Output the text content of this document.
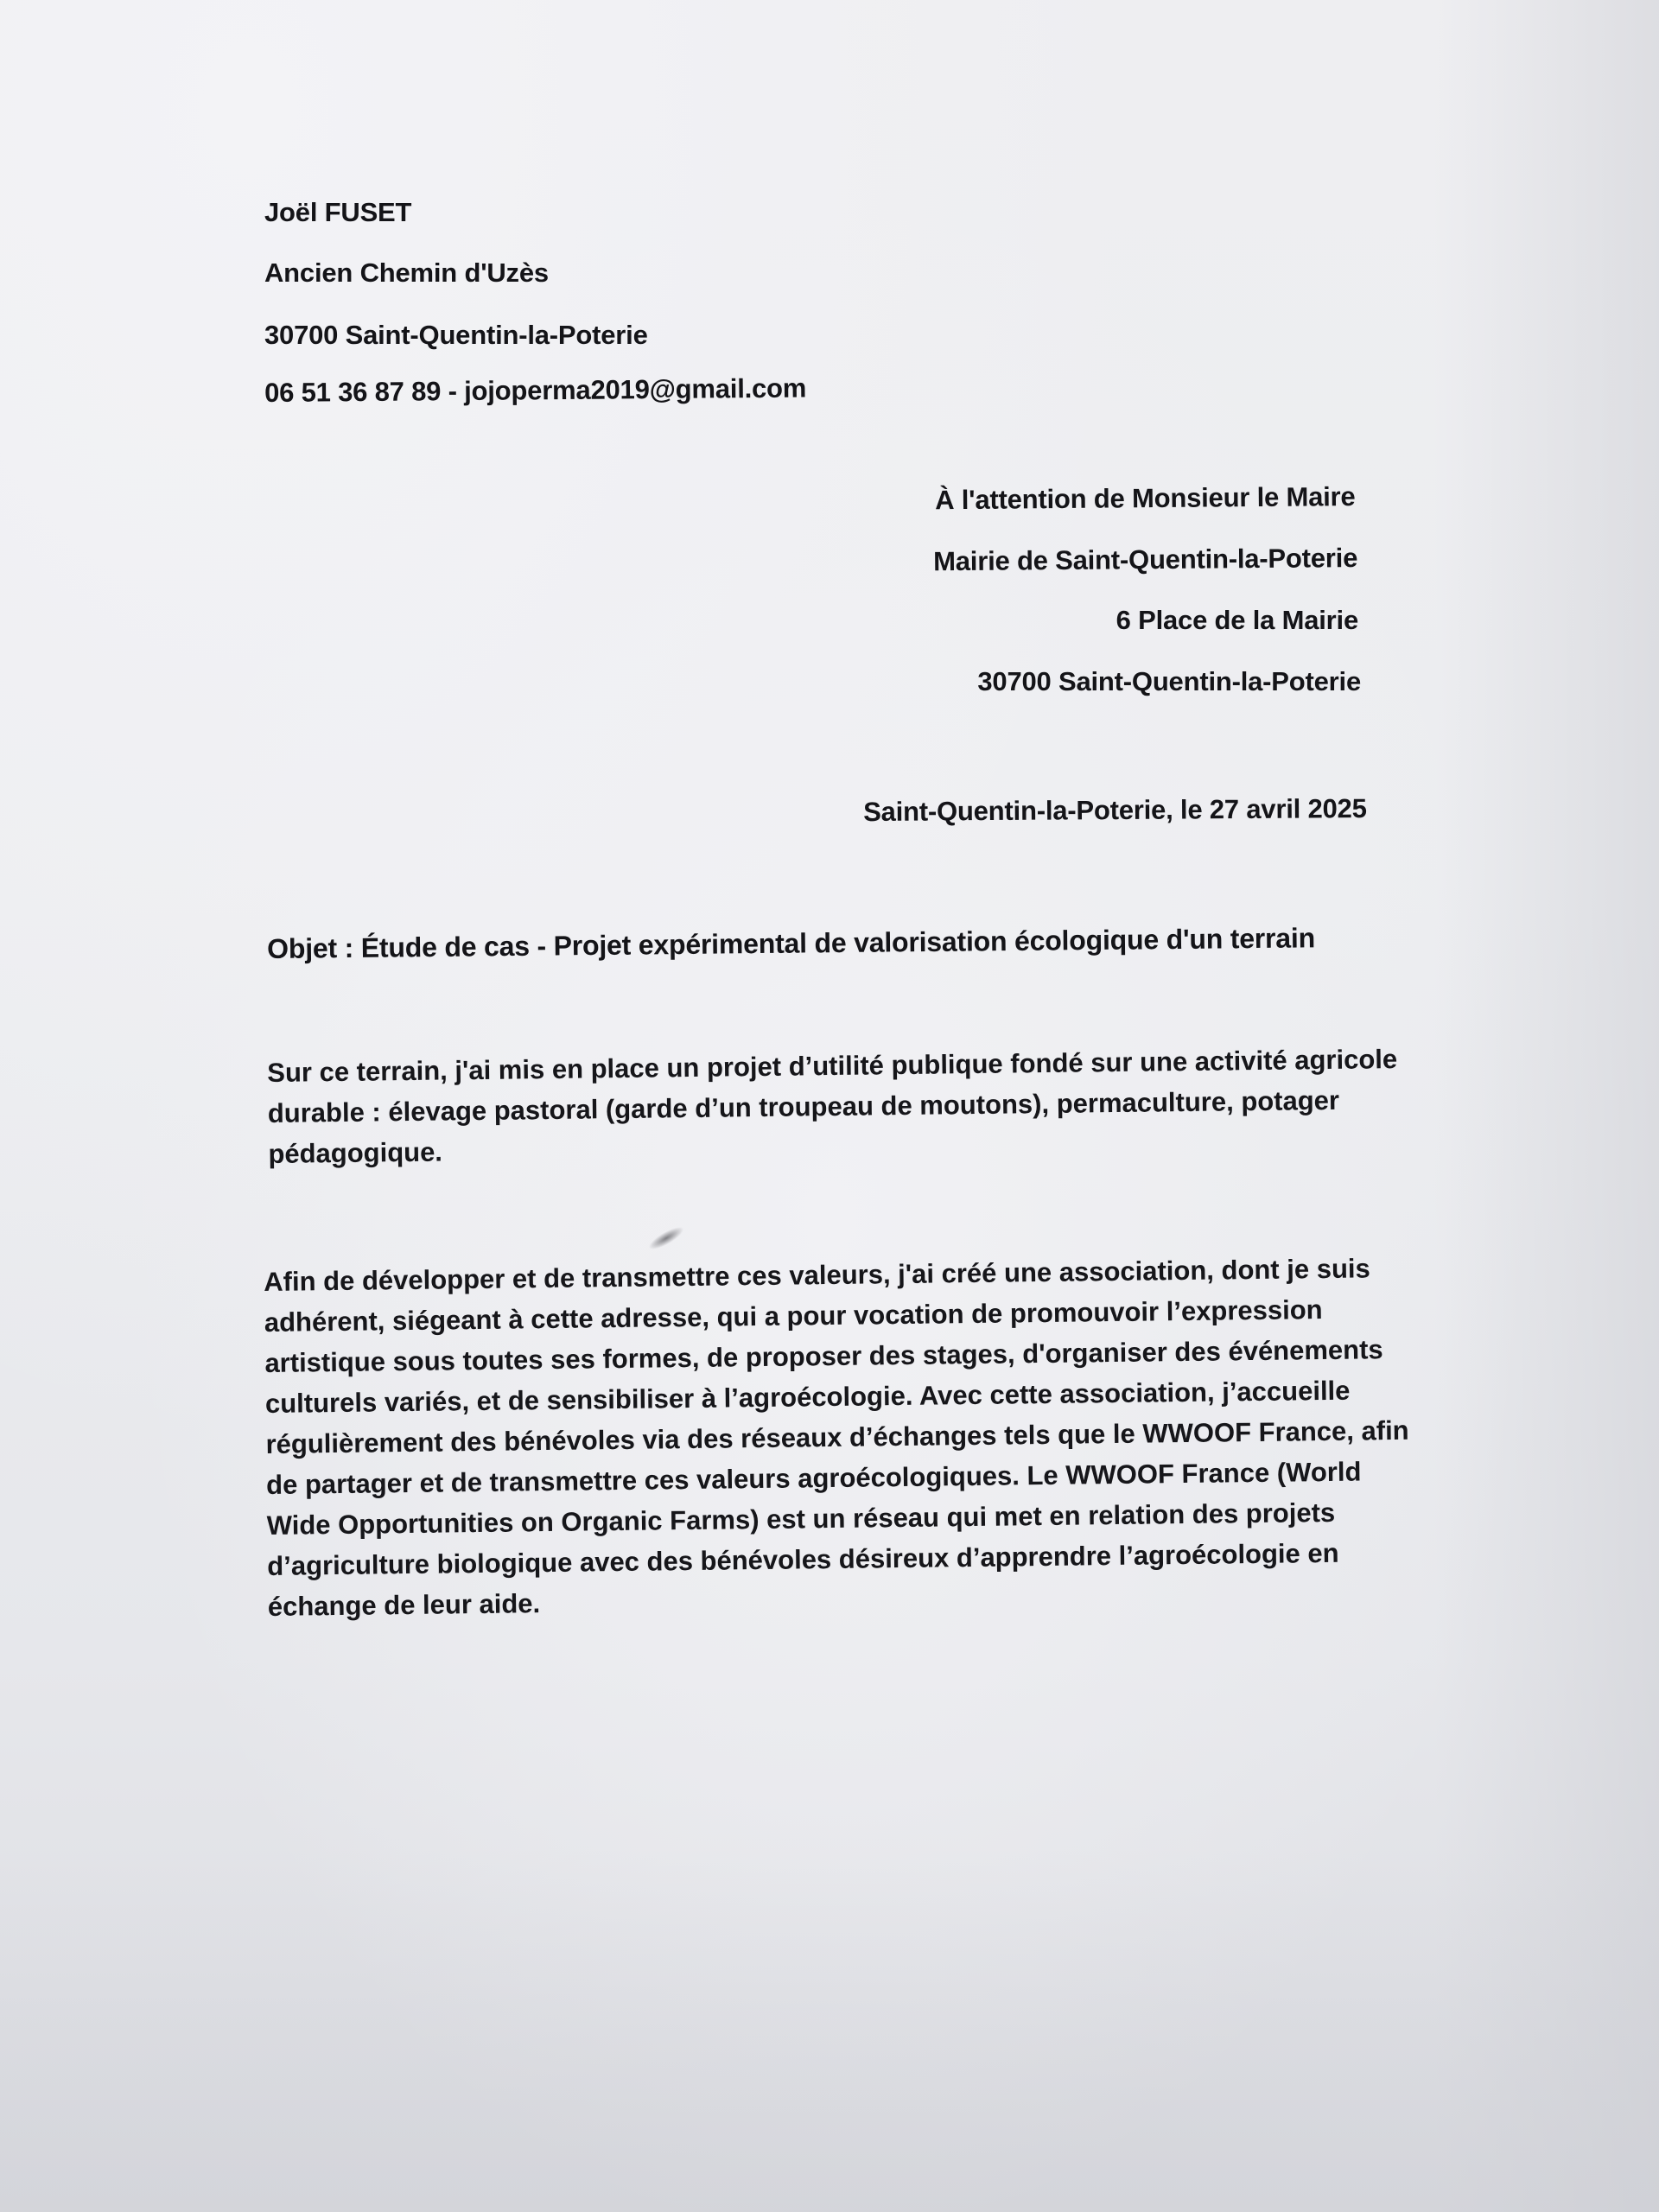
Joël FUSET
Ancien Chemin d'Uzès
30700 Saint-Quentin-la-Poterie
06 51 36 87 89 - jojoperma2019@gmail.com
À l'attention de Monsieur le Maire
Mairie de Saint-Quentin-la-Poterie
6 Place de la Mairie
30700 Saint-Quentin-la-Poterie
Saint-Quentin-la-Poterie, le 27 avril 2025
Objet : Étude de cas - Projet expérimental de valorisation écologique d'un terrain

Sur ce terrain, j'ai mis en place un projet d’utilité publique fondé sur une activité agricole

durable : élevage pastoral (garde d’un troupeau de moutons), permaculture, potager

pédagogique.

Afin de développer et de transmettre ces valeurs, j'ai créé une association, dont je suis

adhérent, siégeant à cette adresse, qui a pour vocation de promouvoir l’expression

artistique sous toutes ses formes, de proposer des stages, d'organiser des événements

culturels variés, et de sensibiliser à l’agroécologie. Avec cette association, j’accueille

régulièrement des bénévoles via des réseaux d’échanges tels que le WWOOF France, afin

de partager et de transmettre ces valeurs agroécologiques. Le WWOOF France (World

Wide Opportunities on Organic Farms) est un réseau qui met en relation des projets

d’agriculture biologique avec des bénévoles désireux d’apprendre l’agroécologie en

échange de leur aide.
